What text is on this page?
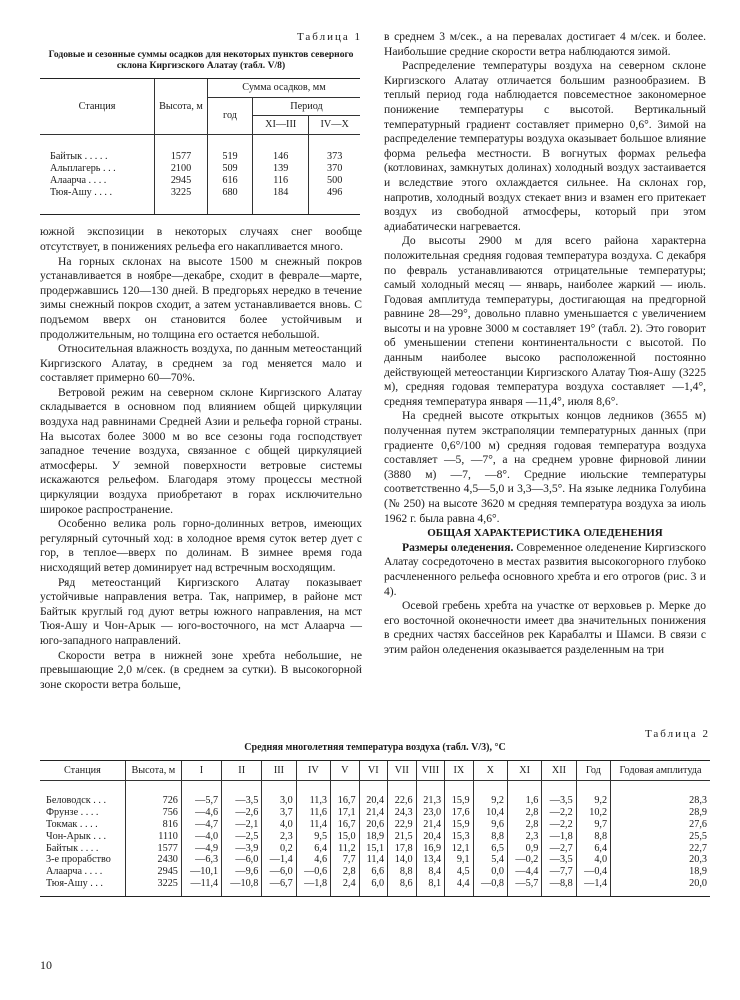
Таблица 1
Годовые и сезонные суммы осадков для некоторых пунктов северного склона Киргизского Алатау (табл. V/8)
Станция	Высота, м	Сумма осадков, мм		
		год	Период	
			XI—III	IV—X
Байтык . . . . .	1577	519	146	373
Альплагерь . . .	2100	509	139	370
Алаарча . . . .	2945	616	116	500
Тюя-Ашу . . . .	3225	680	184	496

южной экспозиции в некоторых случаях снег вообще отсутствует, в понижениях рельефа его накапливается много.

На горных склонах на высоте 1500 м снежный покров устанавливается в ноябре—декабре, сходит в феврале—марте, продержавшись 120—130 дней. В предгорьях нередко в течение зимы снежный покров сходит, а затем устанавливается вновь. С подъемом вверх он становится более устойчивым и продолжительным, но толщина его остается небольшой.

Относительная влажность воздуха, по данным метеостанций Киргизского Алатау, в среднем за год меняется мало и составляет примерно 60—70%.

Ветровой режим на северном склоне Киргизского Алатау складывается в основном под влиянием общей циркуляции воздуха над равнинами Средней Азии и рельефа горной страны. На высотах более 3000 м во все сезоны года господствует западное течение воздуха, связанное с общей циркуляцией атмосферы. У земной поверхности ветровые системы искажаются рельефом. Благодаря этому процессы местной циркуляции воздуха приобретают в горах исключительно широкое распространение.

Особенно велика роль горно-долинных ветров, имеющих регулярный суточный ход: в холодное время суток ветер дует с гор, в теплое—вверх по долинам. В зимнее время года нисходящий ветер доминирует над встречным восходящим.

Ряд метеостанций Киргизского Алатау показывает устойчивые направления ветра. Так, например, в районе мст Байтык круглый год дуют ветры южного направления, на мст Тюя-Ашу и Чон-Арык — юго-восточного, на мст Алаарча — юго-западного направлений.

Скорости ветра в нижней зоне хребта небольшие, не превышающие 2,0 м/сек. (в среднем за сутки). В высокогорной зоне скорости ветра больше,

в среднем 3 м/сек., а на перевалах достигает 4 м/сек. и более. Наибольшие средние скорости ветра наблюдаются зимой.

Распределение температуры воздуха на северном склоне Киргизского Алатау отличается большим разнообразием. В теплый период года наблюдается повсеместное закономерное понижение температуры с высотой. Вертикальный температурный градиент составляет примерно 0,6°. Зимой на распределение температуры воздуха оказывает большое влияние форма рельефа местности. В вогнутых формах рельефа (котловинах, замкнутых долинах) холодный воздух застаивается и вследствие этого охлаждается сильнее. На склонах гор, напротив, холодный воздух стекает вниз и взамен его притекает воздух из свободной атмосферы, который при этом адиабатически нагревается.

До высоты 2900 м для всего района характерна положительная средняя годовая температура воздуха. С декабря по февраль устанавливаются отрицательные температуры; самый холодный месяц — январь, наиболее жаркий — июль. Годовая амплитуда температуры, достигающая на предгорной равнине 28—29°, довольно плавно уменьшается с увеличением высоты и на уровне 3000 м составляет 19° (табл. 2). Это говорит об уменьшении степени континентальности с высотой. По данным наиболее высоко расположенной постоянно действующей метеостанции Киргизского Алатау Тюя-Ашу (3225 м), средняя годовая температура воздуха составляет —1,4°, средняя температура января —11,4°, июля 8,6°.

На средней высоте открытых концов ледников (3655 м) полученная путем экстраполяции температурных данных (при градиенте 0,6°/100 м) средняя годовая температура воздуха составляет —5, —7°, а на среднем уровне фирновой линии (3880 м) —7, —8°. Средние июльские температуры соответственно 4,5—5,0 и 3,3—3,5°. На языке ледника Голубина (№ 250) на высоте 3620 м средняя температура воздуха за июль 1962 г. была равна 4,6°.

ОБЩАЯ ХАРАКТЕРИСТИКА ОЛЕДЕНЕНИЯ

Размеры оледенения. Современное оледенение Киргизского Алатау сосредоточено в местах развития высокогорного глубоко расчлененного рельефа основного хребта и его отрогов (рис. 3 и 4).

Осевой гребень хребта на участке от верховьев р. Мерке до его восточной оконечности имеет два значительных понижения в средних частях бассейнов рек Карабалты и Шамси. В связи с этим район оледенения оказывается разделенным на три

Таблица 2
Средняя многолетняя температура воздуха (табл. V/3), °С
Станция	Высота, м	I	II	III	IV	V	VI	VII	VIII	IX	X	XI	XII	Год	Годовая амплитуда
Беловодск . . .	726	—5,7	—3,5	3,0	11,3	16,7	20,4	22,6	21,3	15,9	9,2	1,6	—3,5	9,2	28,3
Фрунзе . . . .	756	—4,6	—2,6	3,7	11,6	17,1	21,4	24,3	23,0	17,6	10,4	2,8	—2,2	10,2	28,9
Токмак . . . .	816	—4,7	—2,1	4,0	11,4	16,7	20,6	22,9	21,4	15,9	9,6	2,8	—2,2	9,7	27,6
Чон-Арык . . .	1110	—4,0	—2,5	2,3	9,5	15,0	18,9	21,5	20,4	15,3	8,8	2,3	—1,8	8,8	25,5
Байтык . . . .	1577	—4,9	—3,9	0,2	6,4	11,2	15,1	17,8	16,9	12,1	6,5	0,9	—2,7	6,4	22,7
3-е прорабство	2430	—6,3	—6,0	—1,4	4,6	7,7	11,4	14,0	13,4	9,1	5,4	—0,2	—3,5	4,0	20,3
Алаарча . . . .	2945	—10,1	—9,6	—6,0	—0,6	2,8	6,6	8,8	8,4	4,5	0,0	—4,4	—7,7	—0,4	18,9
Тюя-Ашу . . .	3225	—11,4	—10,8	—6,7	—1,8	2,4	6,0	8,6	8,1	4,4	—0,8	—5,7	—8,8	—1,4	20,0
10
